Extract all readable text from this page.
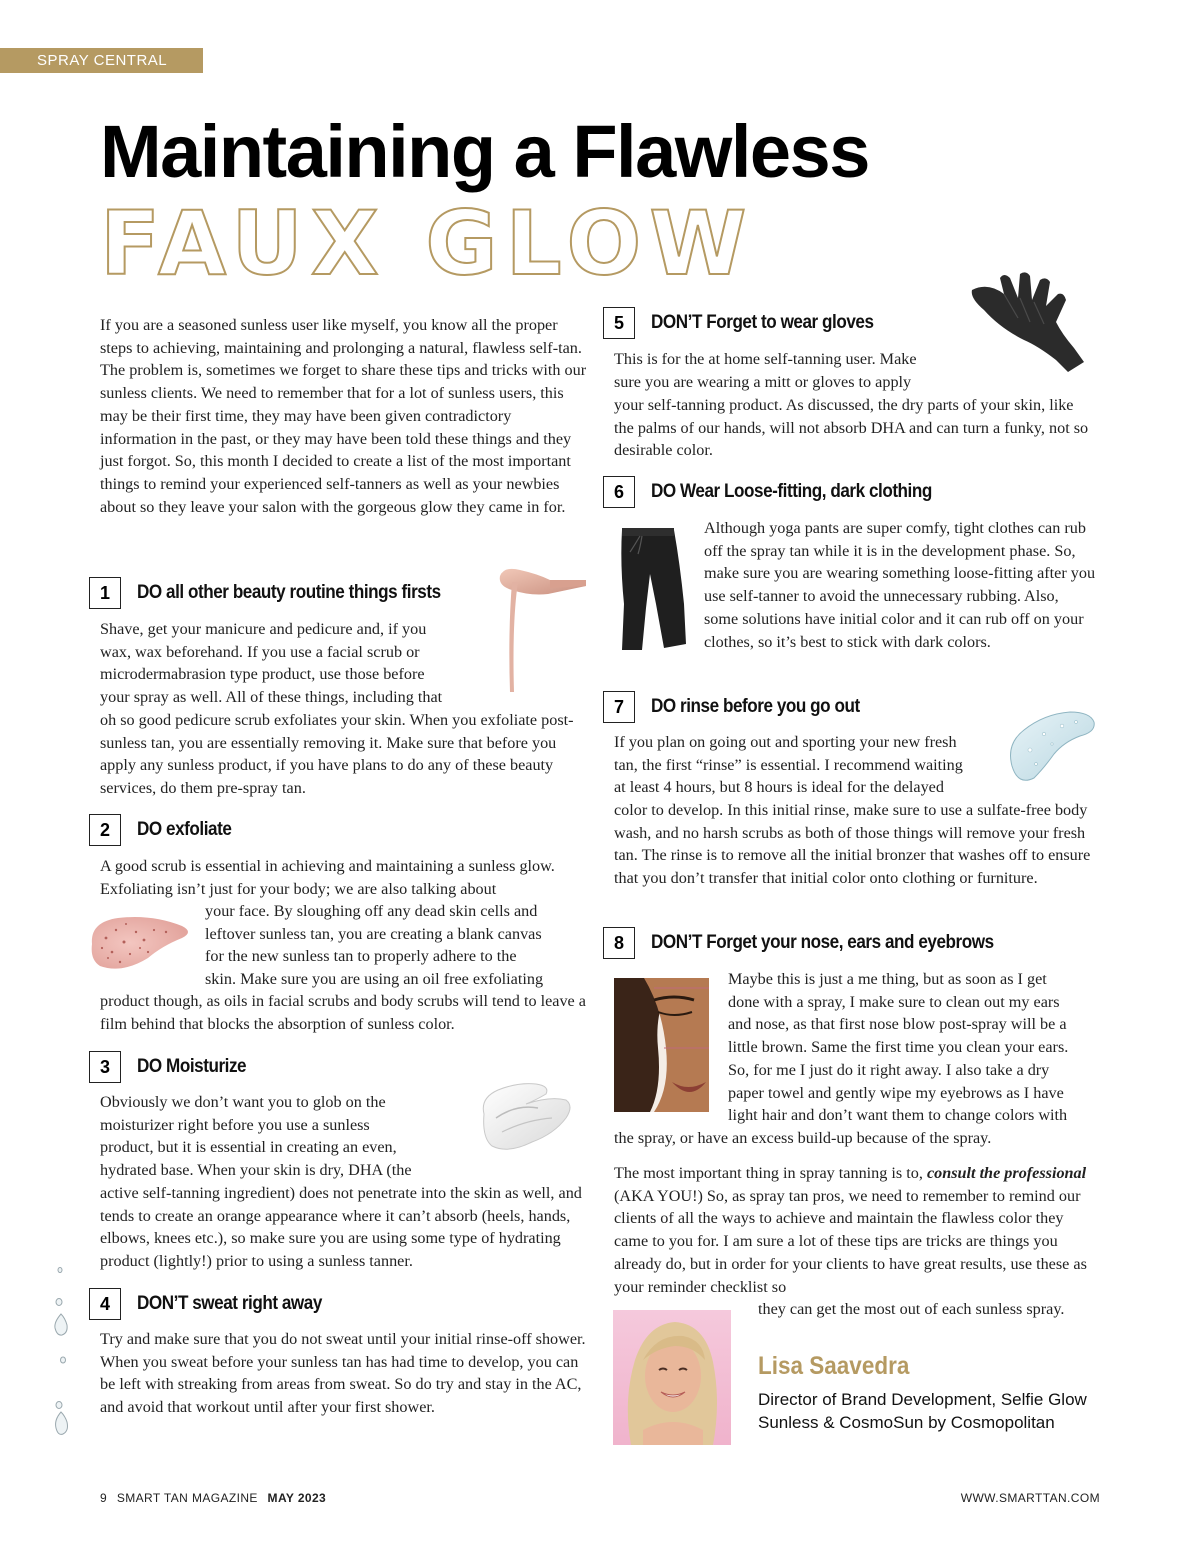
SPRAY CENTRAL
Maintaining a Flawless
FAUX GLOW

If you are a seasoned sunless user like myself, you know all the proper steps to achieving, maintaining and prolonging a natural, flawless self-tan. The problem is, sometimes we forget to share these tips and tricks with our sunless clients. We need to remember that for a lot of sunless users, this may be their first time, they may have been given contradictory information in the past, or they may have been told these things and they just forgot. So, this month I decided to create a list of the most important things to remind your experienced self-tanners as well as your newbies about so they leave your salon with the gorgeous glow they came in for.

1	DO all other beauty routine things firsts
Shave, get your manicure and pedicure and, if you
wax, wax beforehand. If you use a facial scrub or
microdermabrasion type product, use those before
your spray as well. All of these things, including that

oh so good pedicure scrub exfoliates your skin. When you exfoliate post-sunless tan, you are essentially removing it. Make sure that before you apply any sunless product, if you have plans to do any of these beauty services, do them pre-spray tan.

2	DO exfoliate

A good scrub is essential in achieving and maintaining a sunless glow. Exfoliating isn’t just for your body; we are also talking about

your face. By sloughing off any dead skin cells and
leftover sunless tan, you are creating a blank canvas
for the new sunless tan to properly adhere to the
skin. Make sure you are using an oil free exfoliating

product though, as oils in facial scrubs and body scrubs will tend to leave a film behind that blocks the absorption of sunless color.

3	DO Moisturize
Obviously we don’t want you to glob on the
moisturizer right before you use a sunless
product, but it is essential in creating an even,
hydrated base. When your skin is dry, DHA (the

active self-tanning ingredient) does not penetrate into the skin as well, and tends to create an orange appearance where it can’t absorb (heels, hands, elbows, knees etc.), so make sure you are using some type of hydrating product (lightly!) prior to using a sunless tanner.

4	DON’T sweat right away

Try and make sure that you do not sweat until your initial rinse-off shower. When you sweat before your sunless tan has had time to develop, you can be left with streaking from areas from sweat. So do try and stay in the AC, and avoid that workout until after your first shower.

5	DON’T Forget to wear gloves
This is for the at home self-tanning user. Make
sure you are wearing a mitt or gloves to apply

your self-tanning product. As discussed, the dry parts of your skin, like the palms of our hands, will not absorb DHA and can turn a funky, not so desirable color.

6	DO Wear Loose-fitting, dark clothing

Although yoga pants are super comfy, tight clothes can rub off the spray tan while it is in the development phase. So, make sure you are wearing something loose-fitting after you use self-tanner to avoid the unnecessary rubbing. Also, some solutions have initial color and it can rub off on your clothes, so it’s best to stick with dark colors.

7	DO rinse before you go out
If you plan on going out and sporting your new fresh
tan, the first “rinse” is essential. I recommend waiting
at least 4 hours, but 8 hours is ideal for the delayed

color to develop. In this initial rinse, make sure to use a sulfate-free body wash, and no harsh scrubs as both of those things will remove your fresh tan. The rinse is to remove all the initial bronzer that washes off to ensure that you don’t transfer that initial color onto clothing or furniture.

8	DON’T Forget your nose, ears and eyebrows
Maybe this is just a me thing, but as soon as I get
done with a spray, I make sure to clean out my ears
and nose, as that first nose blow post-spray will be a
little brown. Same the first time you clean your ears.
So, for me I just do it right away. I also take a dry
paper towel and gently wipe my eyebrows as I have
light hair and don’t want them to change colors with

the spray, or have an excess build-up because of the spray.

The most important thing in spray tanning is to, consult the professional (AKA YOU!) So, as spray tan pros, we need to remember to remind our clients of all the ways to achieve and maintain the flawless color they came to you for. I am sure a lot of these tips are tricks are things you already do, but in order for your clients to have great results, use these as your reminder checklist so

they can get the most out of each sunless spray.
Lisa Saavedra
Director of Brand Development, Selfie Glow Sunless & CosmoSun by Cosmopolitan
9 SMART TAN MAGAZINE MAY 2023	WWW.SMARTTAN.COM
